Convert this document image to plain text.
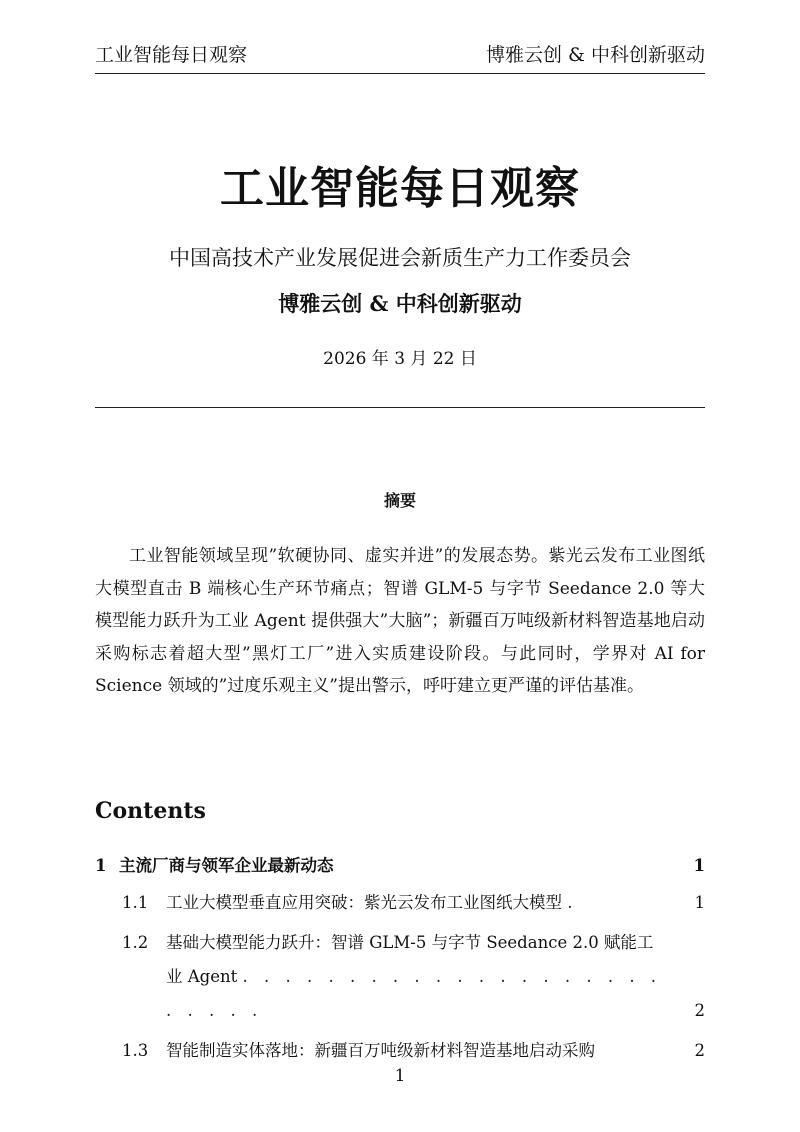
工业智能每日观察	博雅云创 & 中科创新驱动
工业智能每日观察
中国高技术产业发展促进会新质生产力工作委员会
博雅云创 & 中科创新驱动
2026 年 3 月 22 日
摘要

工业智能领域呈现”软硬协同、虚实并进”的发展态势。紫光云发布工业图纸大模型直击 B 端核心生产环节痛点；智谱 GLM-5 与字节 Seedance 2.0 等大模型能力跃升为工业 Agent 提供强大”大脑”；新疆百万吨级新材料智造基地启动采购标志着超大型”黑灯工厂”进入实质建设阶段。与此同时，学界对 AI for Science 领域的”过度乐观主义”提出警示，呼吁建立更严谨的评估基准。

Contents
1 主流厂商与领军企业最新动态	1
1.1	工业大模型垂直应用突破：紫光云发布工业图纸大模型 .	1
1.2	基础大模型能力跃升：智谱 GLM-5 与字节 Seedance 2.0 赋能工业 Agent . . . . . . . . . . . . . . . . . . . . . . . . .	2
1.3	智能制造实体落地：新疆百万吨级新材料智造基地启动采购	2
1
